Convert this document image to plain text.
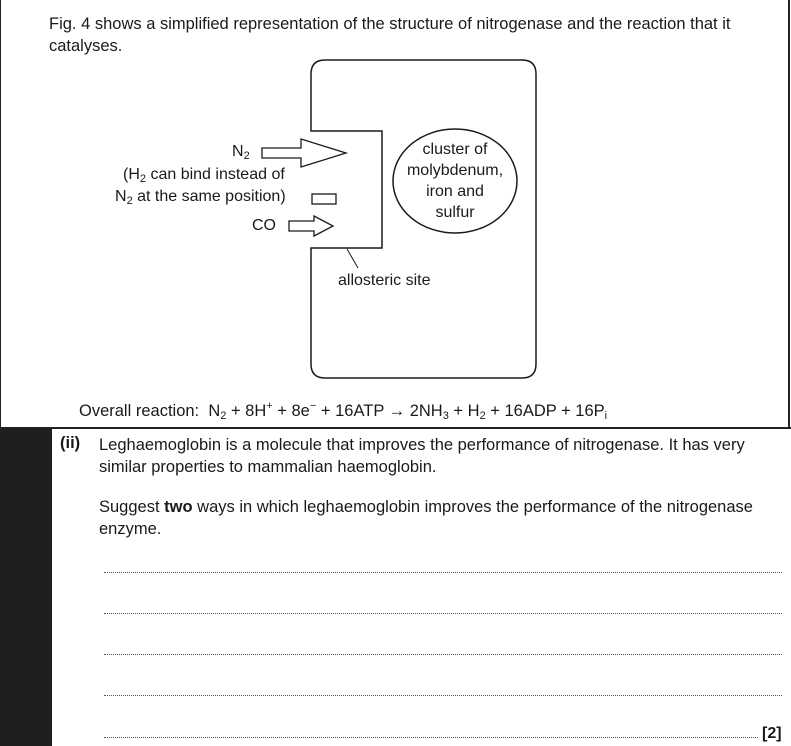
Fig. 4 shows a simplified representation of the structure of nitrogenase and the reaction that it catalyses.
$N_2$
($H_2$ can bind instead of
$N_2$ at the same position)
CO
cluster of
molybdenum,
iron and
sulfur
allosteric site
Overall reaction: $N_2 + 8H^+ + 8e^- + 16ATP \to 2NH_3 + H_2 + 16ADP + 16P_i$
(ii) Leghaemoglobin is a molecule that improves the performance of nitrogenase. It has very similar properties to mammalian haemoglobin.
Suggest two ways in which leghaemoglobin improves the performance of the nitrogenase enzyme.
[2]
